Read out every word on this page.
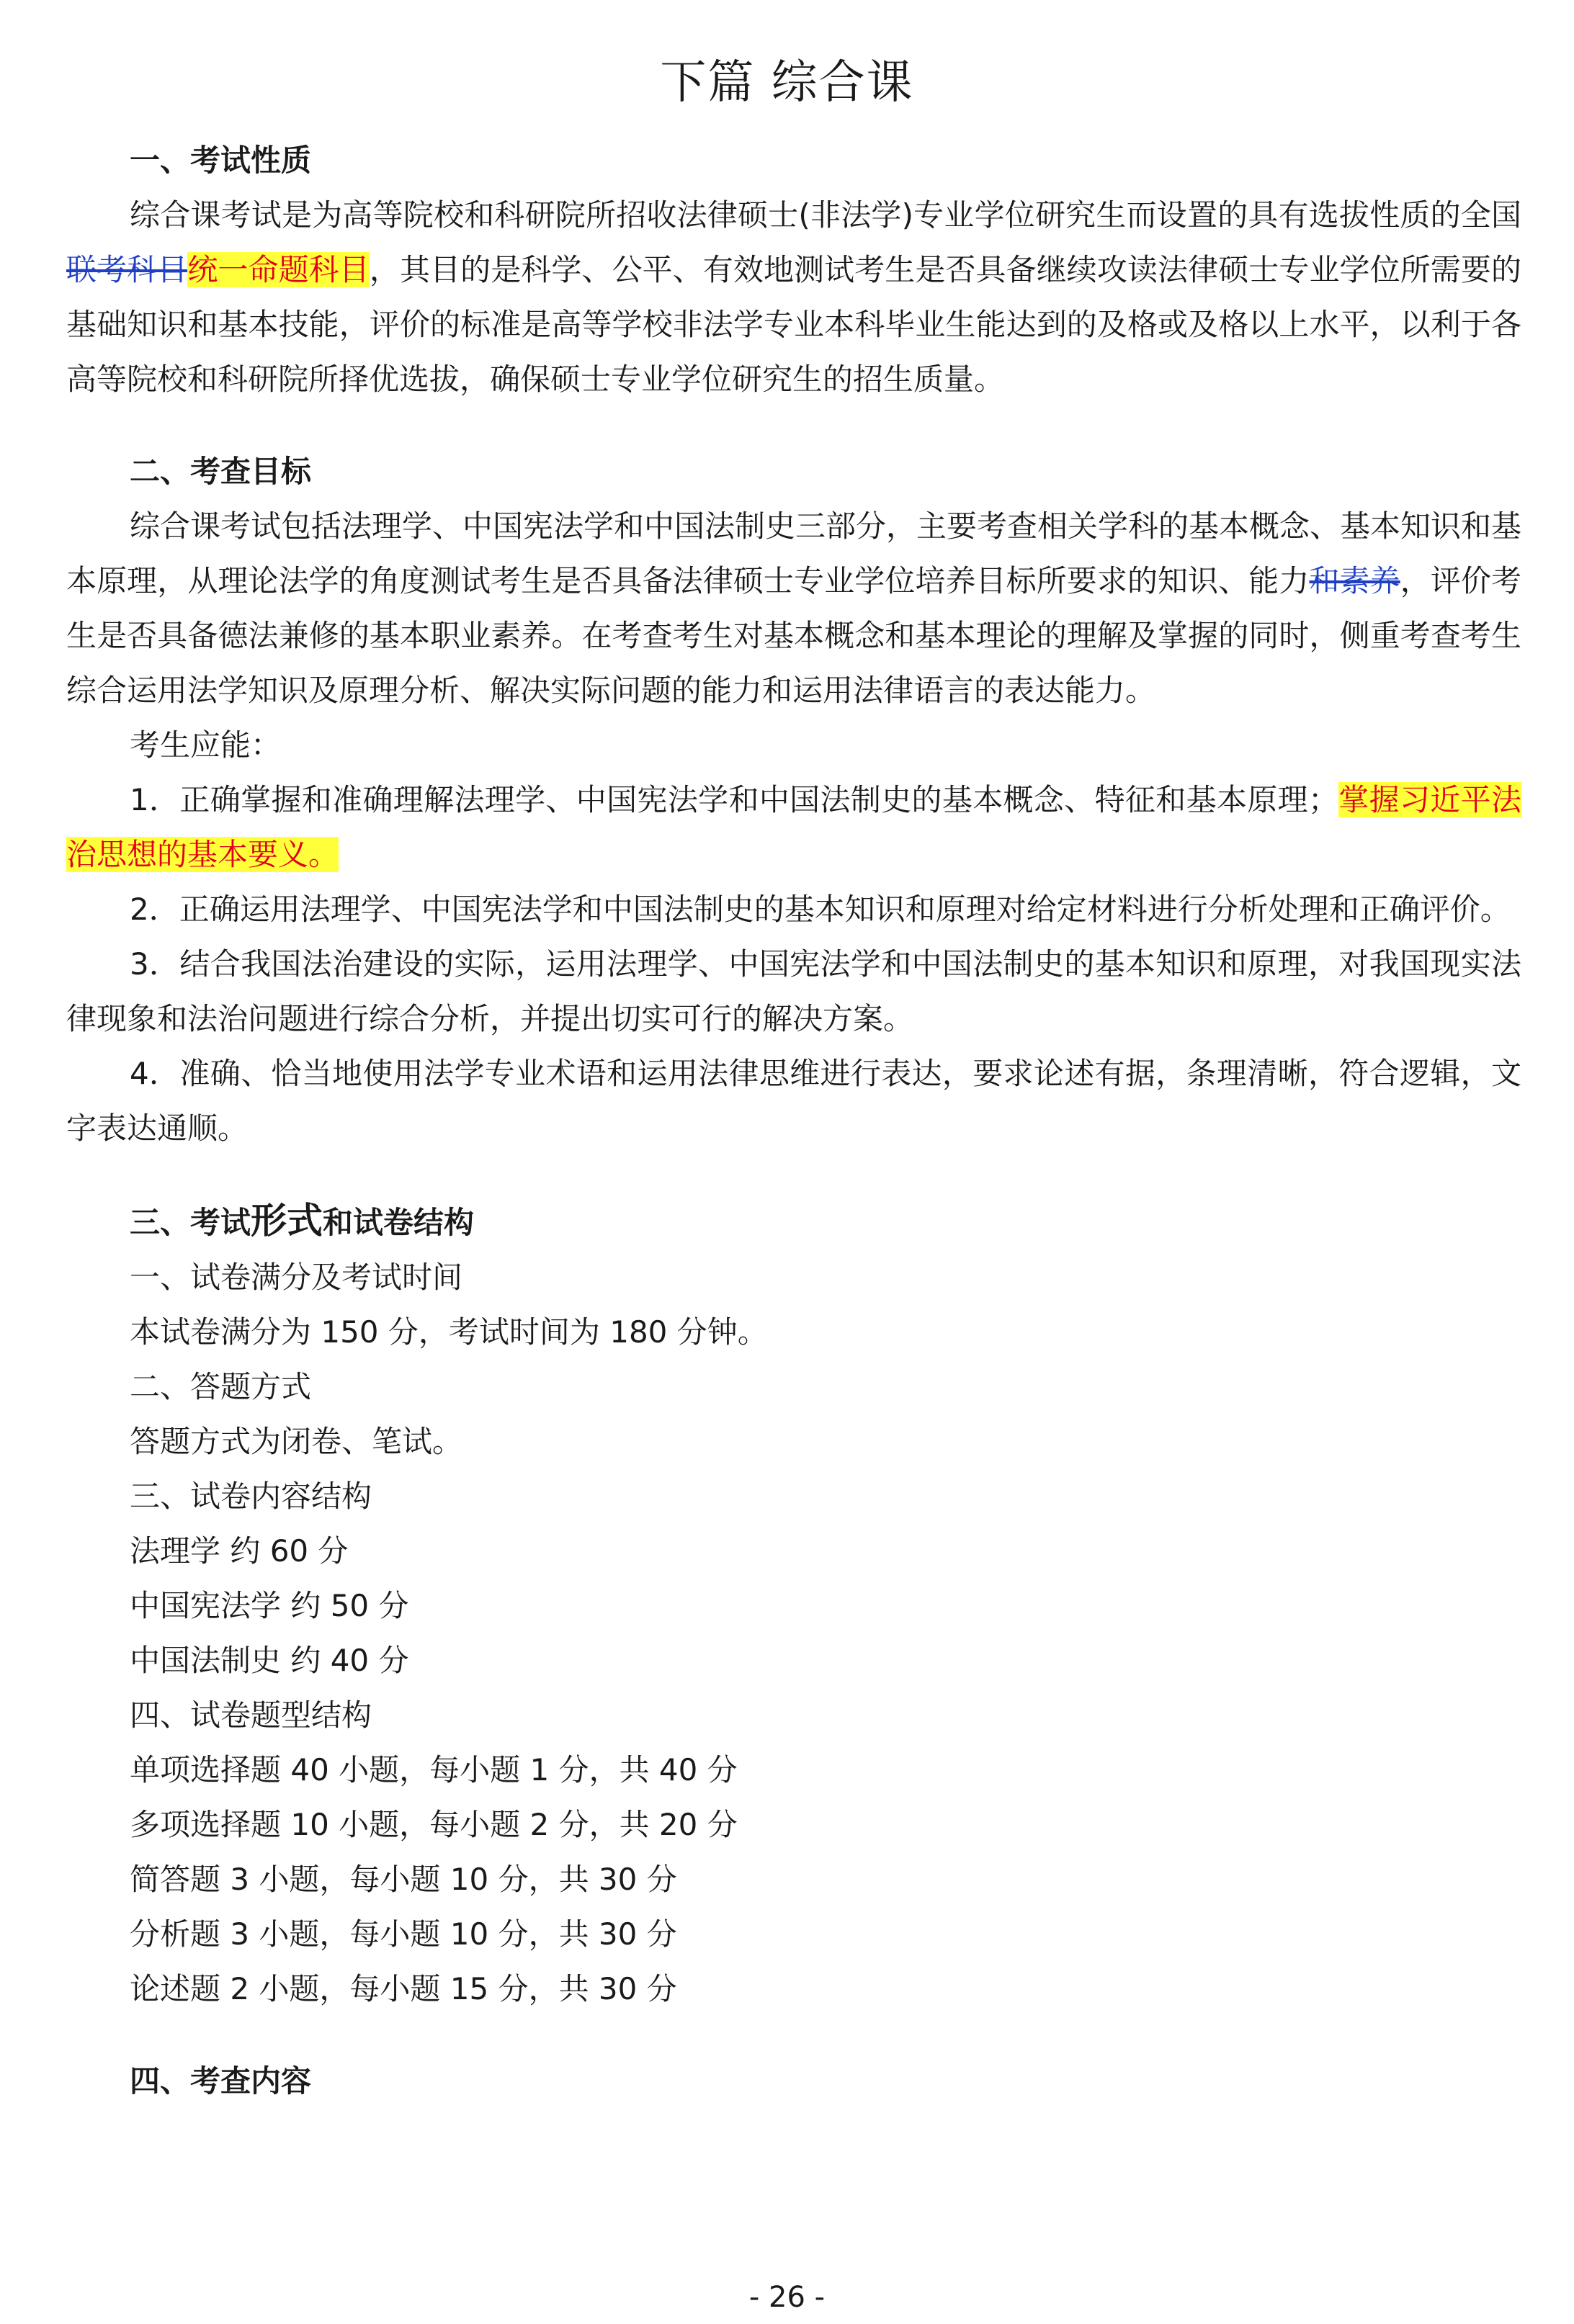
下篇 综合课

一、考试性质

综合课考试是为高等院校和科研院所招收法律硕士(非法学)专业学位研究生而设置的具有选拔性质的全国联考科目统一命题科目，其目的是科学、公平、有效地测试考生是否具备继续攻读法律硕士专业学位所需要的基础知识和基本技能，评价的标准是高等学校非法学专业本科毕业生能达到的及格或及格以上水平，以利于各高等院校和科研院所择优选拔，确保硕士专业学位研究生的招生质量。

二、考查目标

综合课考试包括法理学、中国宪法学和中国法制史三部分，主要考查相关学科的基本概念、基本知识和基本原理，从理论法学的角度测试考生是否具备法律硕士专业学位培养目标所要求的知识、能力和素养，评价考生是否具备德法兼修的基本职业素养。在考查考生对基本概念和基本理论的理解及掌握的同时，侧重考查考生综合运用法学知识及原理分析、解决实际问题的能力和运用法律语言的表达能力。

考生应能：

1．正确掌握和准确理解法理学、中国宪法学和中国法制史的基本概念、特征和基本原理；掌握习近平法治思想的基本要义。

2．正确运用法理学、中国宪法学和中国法制史的基本知识和原理对给定材料进行分析处理和正确评价。

3．结合我国法治建设的实际，运用法理学、中国宪法学和中国法制史的基本知识和原理，对我国现实法律现象和法治问题进行综合分析，并提出切实可行的解决方案。

4．准确、恰当地使用法学专业术语和运用法律思维进行表达，要求论述有据，条理清晰，符合逻辑，文字表达通顺。

三、考试形式和试卷结构

一、试卷满分及考试时间

本试卷满分为 150 分，考试时间为 180 分钟。

二、答题方式

答题方式为闭卷、笔试。

三、试卷内容结构

法理学 约 60 分

中国宪法学 约 50 分

中国法制史 约 40 分

四、试卷题型结构

单项选择题 40 小题，每小题 1 分，共 40 分

多项选择题 10 小题，每小题 2 分，共 20 分

简答题 3 小题，每小题 10 分，共 30 分

分析题 3 小题，每小题 10 分，共 30 分

论述题 2 小题，每小题 15 分，共 30 分

四、考查内容

- 26 -
